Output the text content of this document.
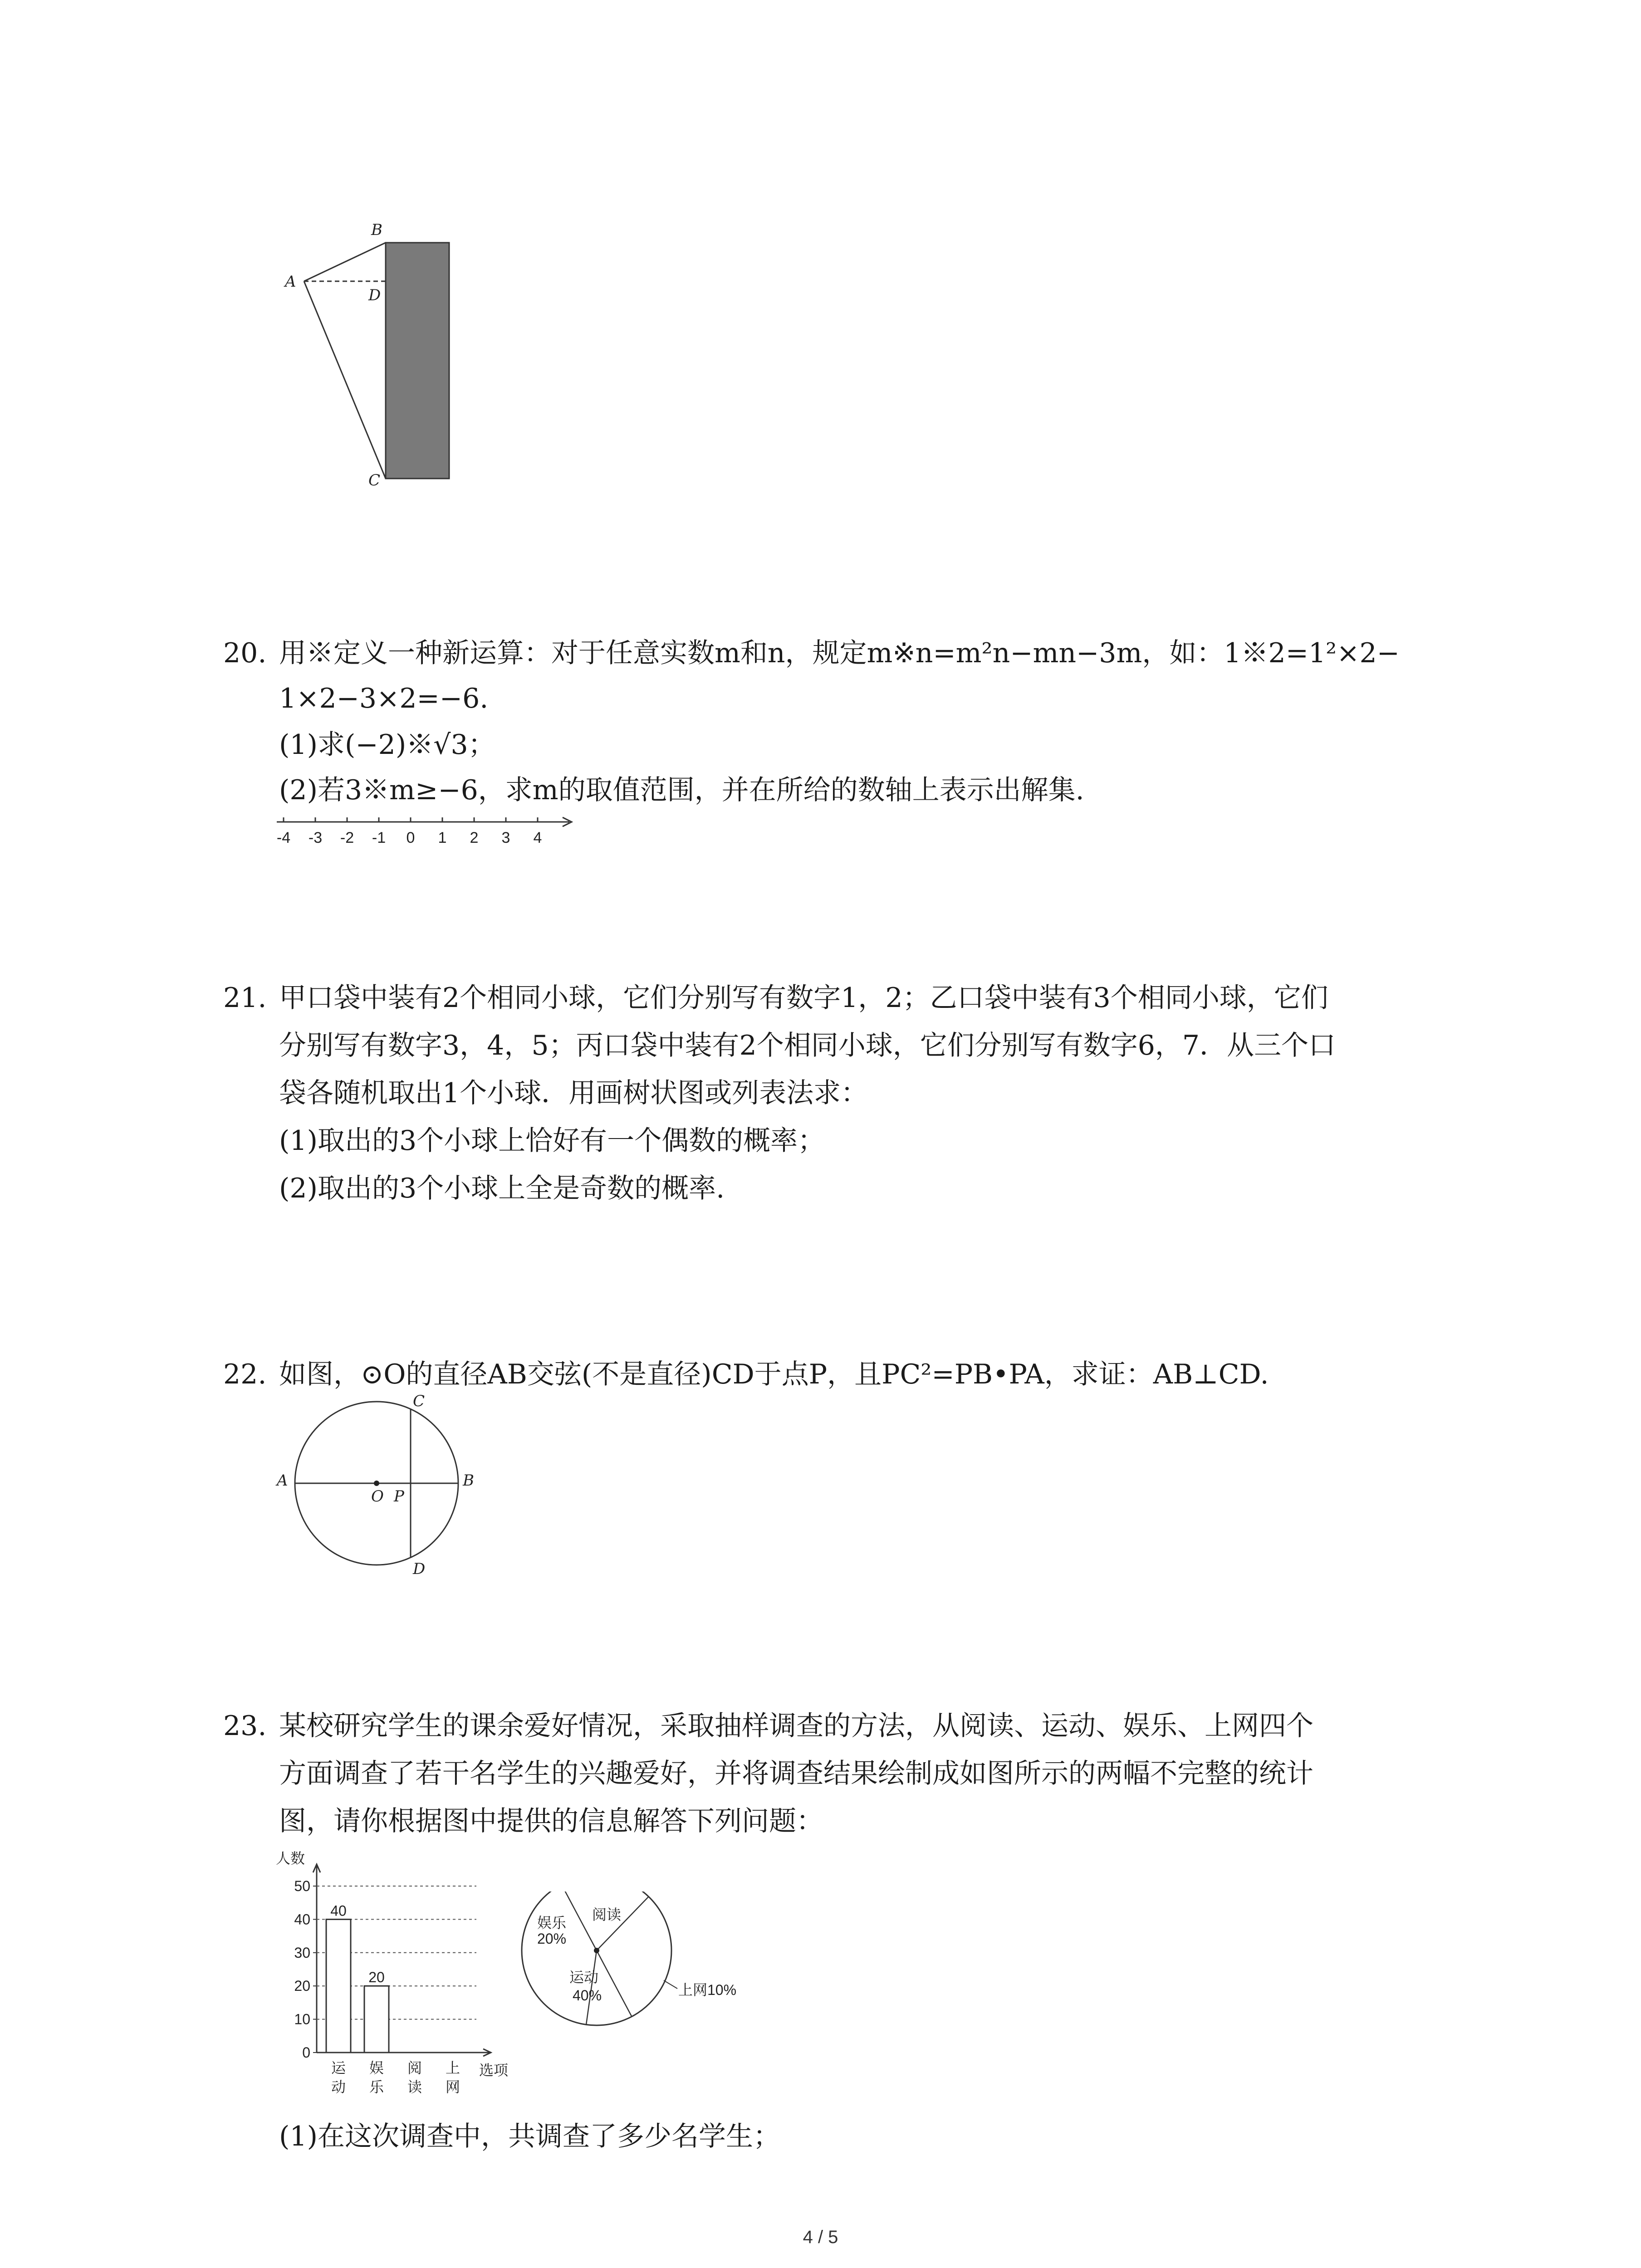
B
A
D
C
20. 用※定义一种新运算：对于任意实数m和n，规定m※n=m²n−mn−3m，如：1※2=1²×2−
1×2−3×2=−6.
(1)求(−2)※√3；
(2)若3※m≥−6，求m的取值范围，并在所给的数轴上表示出解集.
-4 -3 -2 -1 0 1 2 3 4
21. 甲口袋中装有2个相同小球，它们分别写有数字1，2；乙口袋中装有3个相同小球，它们
分别写有数字3，4，5；丙口袋中装有2个相同小球，它们分别写有数字6，7．从三个口
袋各随机取出1个小球．用画树状图或列表法求：
(1)取出的3个小球上恰好有一个偶数的概率；
(2)取出的3个小球上全是奇数的概率.
22. 如图，⊙O的直径AB交弦(不是直径)CD于点P，且PC²=PB•PA，求证：AB⊥CD.
C
A	B
O P
D
23. 某校研究学生的课余爱好情况，采取抽样调查的方法，从阅读、运动、娱乐、上网四个
方面调查了若干名学生的兴趣爱好，并将调查结果绘制成如图所示的两幅不完整的统计
图，请你根据图中提供的信息解答下列问题：
人数
选项
0
10
20
30
40
50
40
运
动
20
娱
乐
阅
读
上
网
娱乐
20%
阅读
运动
40%	上网10%
(1)在这次调查中，共调查了多少名学生；
4 / 5
